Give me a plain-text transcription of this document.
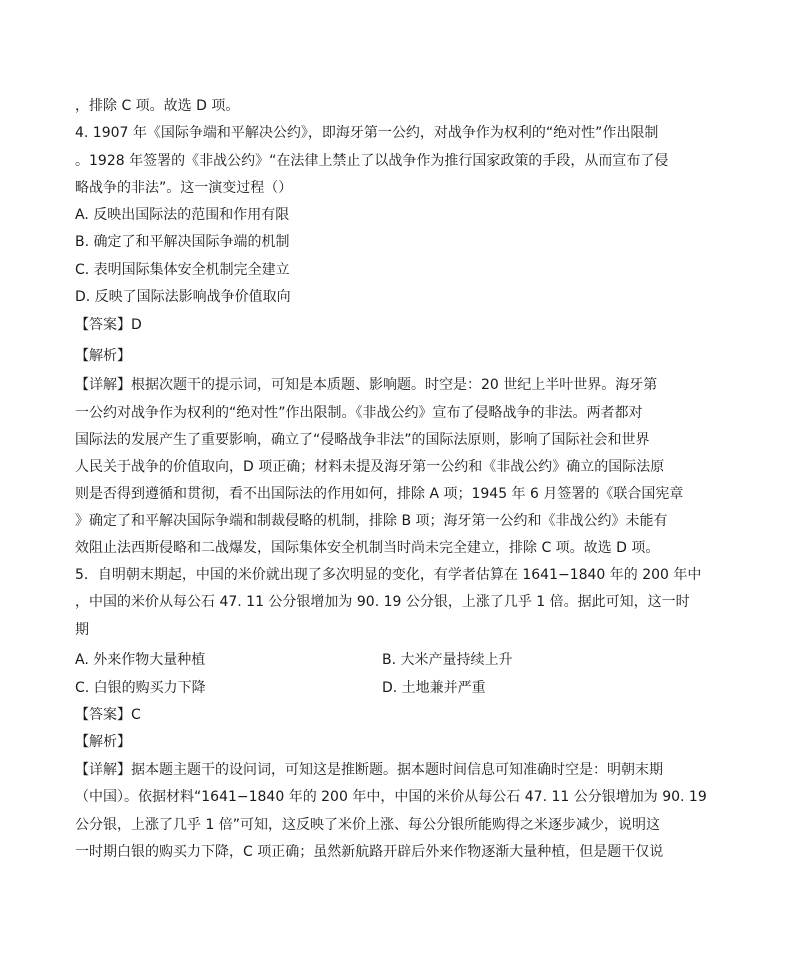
，排除 C 项。故选 D 项。
4. 1907 年《国际争端和平解决公约》，即海牙第一公约，对战争作为权利的“绝对性”作出限制
。1928 年签署的《非战公约》“在法律上禁止了以战争作为推行国家政策的手段，从而宣布了侵
略战争的非法”。这一演变过程（）
A. 反映出国际法的范围和作用有限
B. 确定了和平解决国际争端的机制
C. 表明国际集体安全机制完全建立
D. 反映了国际法影响战争价值取向
【答案】D
【解析】
【详解】根据次题干的提示词，可知是本质题、影响题。时空是：20 世纪上半叶世界。海牙第
一公约对战争作为权利的“绝对性”作出限制。《非战公约》宣布了侵略战争的非法。两者都对
国际法的发展产生了重要影响，确立了“侵略战争非法”的国际法原则，影响了国际社会和世界
人民关于战争的价值取向，D 项正确；材料未提及海牙第一公约和《非战公约》确立的国际法原
则是否得到遵循和贯彻，看不出国际法的作用如何，排除 A 项；1945 年 6 月签署的《联合国宪章
》确定了和平解决国际争端和制裁侵略的机制，排除 B 项；海牙第一公约和《非战公约》未能有
效阻止法西斯侵略和二战爆发，国际集体安全机制当时尚未完全建立，排除 C 项。故选 D 项。
5．自明朝末期起，中国的米价就出现了多次明显的变化，有学者估算在 1641−1840 年的 200 年中
，中国的米价从每公石 47. 11 公分银增加为 90. 19 公分银，上涨了几乎 1 倍。据此可知，这一时
期
A. 外来作物大量种植	B. 大米产量持续上升
C. 白银的购买力下降	D. 土地兼并严重
【答案】C
【解析】
【详解】据本题主题干的设问词，可知这是推断题。据本题时间信息可知准确时空是：明朝末期
（中国）。依据材料“1641−1840 年的 200 年中，中国的米价从每公石 47. 11 公分银增加为 90. 19
公分银，上涨了几乎 1 倍”可知，这反映了米价上涨、每公分银所能购得之米逐步减少，说明这
一时期白银的购买力下降，C 项正确；虽然新航路开辟后外来作物逐渐大量种植，但是题干仅说
